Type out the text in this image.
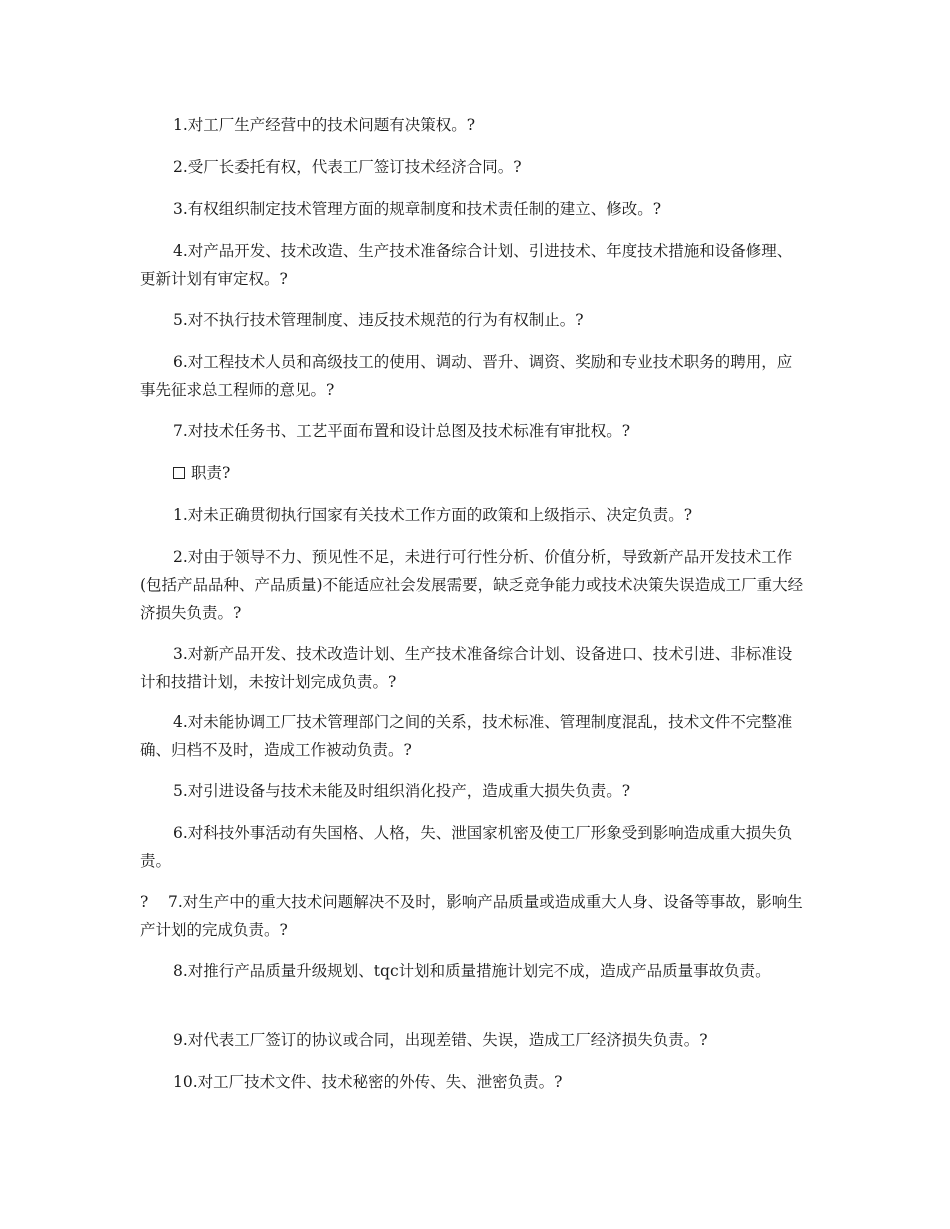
1.对工厂生产经营中的技术问题有决策权。?

2.受厂长委托有权，代表工厂签订技术经济合同。?

3.有权组织制定技术管理方面的规章制度和技术责任制的建立、修改。?

4.对产品开发、技术改造、生产技术准备综合计划、引进技术、年度技术措施和设备修理、更新计划有审定权。?

5.对不执行技术管理制度、违反技术规范的行为有权制止。?

6.对工程技术人员和高级技工的使用、调动、晋升、调资、奖励和专业技术职务的聘用，应事先征求总工程师的意见。?

7.对技术任务书、工艺平面布置和设计总图及技术标准有审批权。?

职责?

1.对未正确贯彻执行国家有关技术工作方面的政策和上级指示、决定负责。?

2.对由于领导不力、预见性不足，未进行可行性分析、价值分析，导致新产品开发技术工作(包括产品品种、产品质量)不能适应社会发展需要，缺乏竞争能力或技术决策失误造成工厂重大经济损失负责。?

3.对新产品开发、技术改造计划、生产技术准备综合计划、设备进口、技术引进、非标准设计和技措计划，未按计划完成负责。?

4.对未能协调工厂技术管理部门之间的关系，技术标准、管理制度混乱，技术文件不完整准确、归档不及时，造成工作被动负责。?

5.对引进设备与技术未能及时组织消化投产，造成重大损失负责。?

6.对科技外事活动有失国格、人格，失、泄国家机密及使工厂形象受到影响造成重大损失负责。

? 7.对生产中的重大技术问题解决不及时，影响产品质量或造成重大人身、设备等事故，影响生产计划的完成负责。?

8.对推行产品质量升级规划、tqc计划和质量措施计划完不成，造成产品质量事故负责。

9.对代表工厂签订的协议或合同，出现差错、失误，造成工厂经济损失负责。?

10.对工厂技术文件、技术秘密的外传、失、泄密负责。?
